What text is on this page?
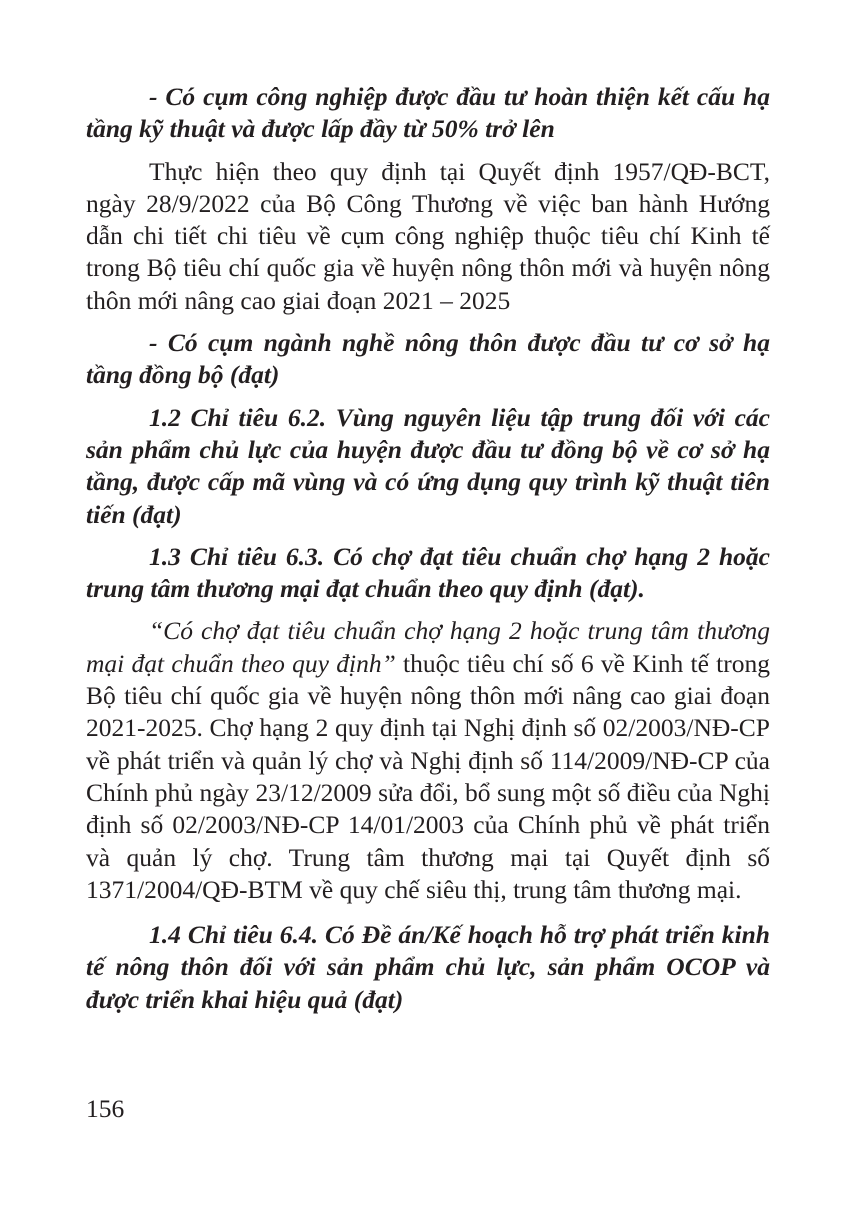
- Có cụm công nghiệp được đầu tư hoàn thiện kết cấu hạ tầng kỹ thuật và được lấp đầy từ 50% trở lên

Thực hiện theo quy định tại Quyết định 1957/QĐ-BCT, ngày 28/9/2022 của Bộ Công Thương về việc ban hành Hướng dẫn chi tiết chi tiêu về cụm công nghiệp thuộc tiêu chí Kinh tế trong Bộ tiêu chí quốc gia về huyện nông thôn mới và huyện nông thôn mới nâng cao giai đoạn 2021 – 2025

- Có cụm ngành nghề nông thôn được đầu tư cơ sở hạ tầng đồng bộ (đạt)

1.2 Chỉ tiêu 6.2. Vùng nguyên liệu tập trung đối với các sản phẩm chủ lực của huyện được đầu tư đồng bộ về cơ sở hạ tầng, được cấp mã vùng và có ứng dụng quy trình kỹ thuật tiên tiến (đạt)

1.3 Chỉ tiêu 6.3. Có chợ đạt tiêu chuẩn chợ hạng 2 hoặc trung tâm thương mại đạt chuẩn theo quy định (đạt).

“Có chợ đạt tiêu chuẩn chợ hạng 2 hoặc trung tâm thương mại đạt chuẩn theo quy định” thuộc tiêu chí số 6 về Kinh tế trong Bộ tiêu chí quốc gia về huyện nông thôn mới nâng cao giai đoạn 2021-2025. Chợ hạng 2 quy định tại Nghị định số 02/2003/NĐ-CP về phát triển và quản lý chợ và Nghị định số 114/2009/NĐ-CP của Chính phủ ngày 23/12/2009 sửa đổi, bổ sung một số điều của Nghị định số 02/2003/NĐ-CP 14/01/2003 của Chính phủ về phát triển và quản lý chợ. Trung tâm thương mại tại Quyết định số 1371/2004/QĐ-BTM về quy chế siêu thị, trung tâm thương mại.

1.4 Chỉ tiêu 6.4. Có Đề án/Kế hoạch hỗ trợ phát triển kinh tế nông thôn đối với sản phẩm chủ lực, sản phẩm OCOP và được triển khai hiệu quả (đạt)

156
